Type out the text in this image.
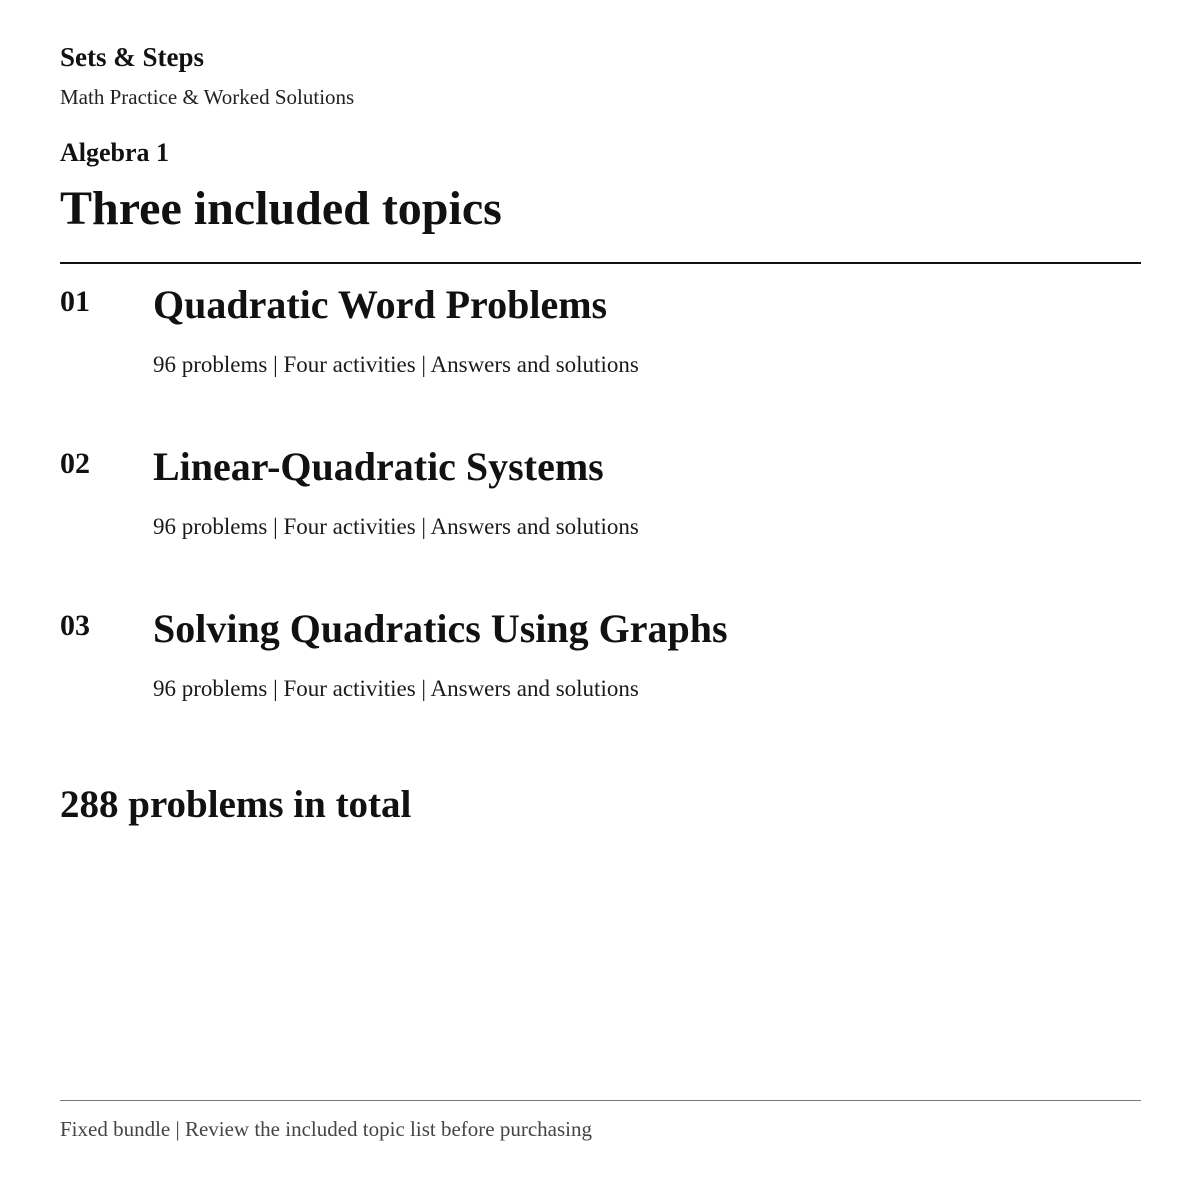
Sets & Steps
Math Practice & Worked Solutions
Algebra 1
Three included topics
01 Quadratic Word Problems
96 problems | Four activities | Answers and solutions
02 Linear-Quadratic Systems
96 problems | Four activities | Answers and solutions
03 Solving Quadratics Using Graphs
96 problems | Four activities | Answers and solutions
288 problems in total
Fixed bundle | Review the included topic list before purchasing
